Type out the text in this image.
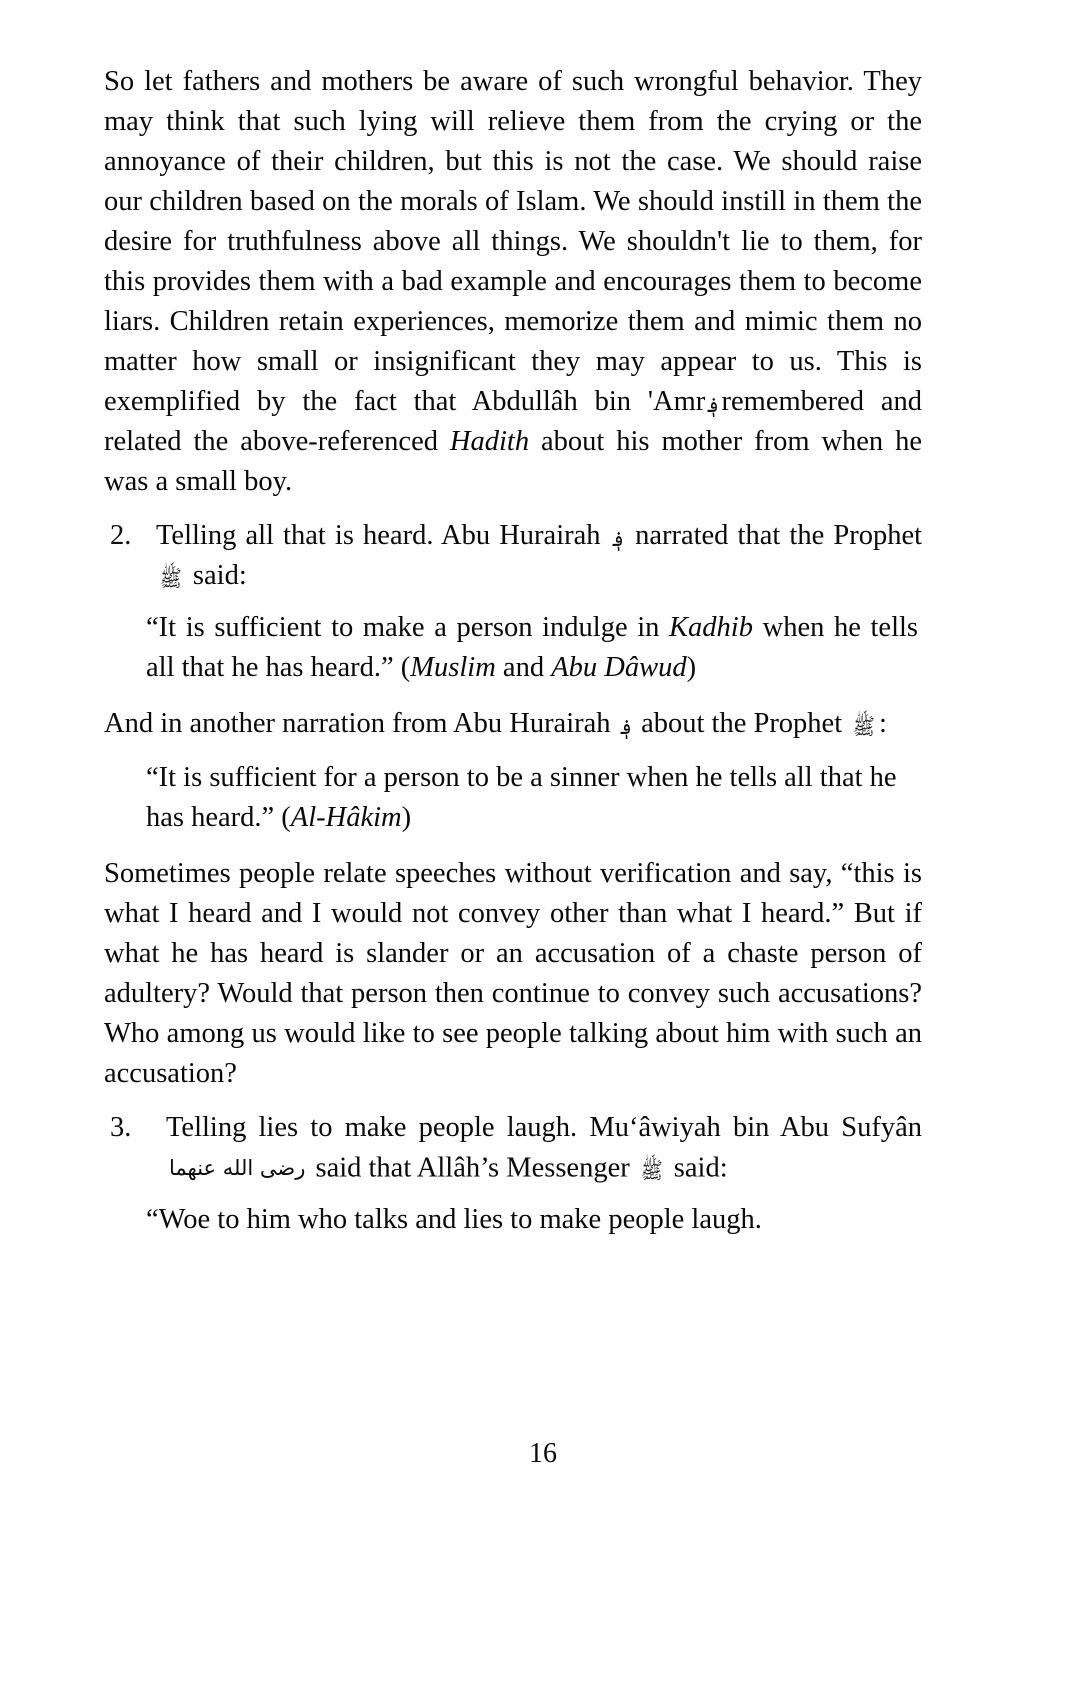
So let fathers and mothers be aware of such wrongful behavior. They may think that such lying will relieve them from the crying or the annoyance of their children, but this is not the case. We should raise our children based on the morals of Islam. We should instill in them the desire for truthfulness above all things. We shouldn't lie to them, for this provides them with a bad example and encourages them to become liars. Children retain experiences, memorize them and mimic them no matter how small or insignificant they may appear to us. This is exemplified by the fact that Abdullâh bin 'Amr ؋remembered and related the above-referenced Hadith about his mother from when he was a small boy.

2. Telling all that is heard. Abu Hurairah ؋ narrated that the Prophet ﷺ said:
“It is sufficient to make a person indulge in Kadhib when he tells all that he has heard.” (Muslim and Abu Dâwud)

And in another narration from Abu Hurairah ؋ about the Prophet ﷺ :

“It is sufficient for a person to be a sinner when he tells all that he has heard.” (Al-Hâkim)

Sometimes people relate speeches without verification and say, “this is what I heard and I would not convey other than what I heard.” But if what he has heard is slander or an accusation of a chaste person of adultery? Would that person then continue to convey such accusations? Who among us would like to see people talking about him with such an accusation?

3.	Telling lies to make people laugh. Mu‘âwiyah bin Abu Sufyân رضى الله عنهما said that Allâh’s Messenger ﷺ said:
“Woe to him who talks and lies to make people laugh.
16
